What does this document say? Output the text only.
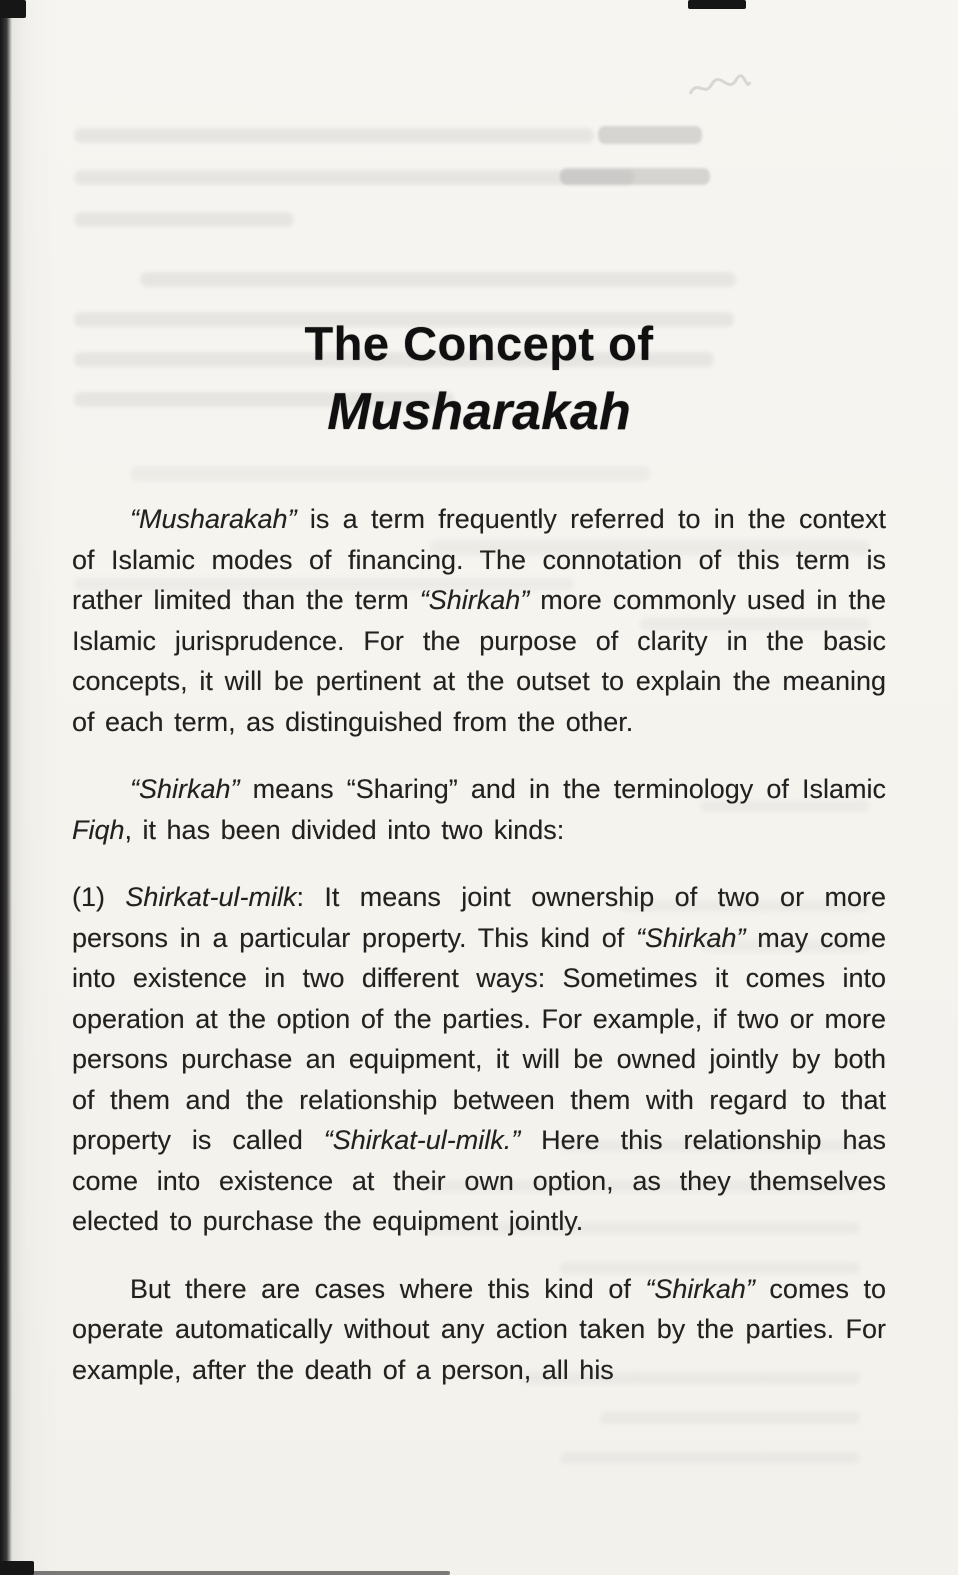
The Concept of
Musharakah

“Musharakah” is a term frequently referred to in the context of Islamic modes of financing. The connotation of this term is rather limited than the term “Shirkah” more commonly used in the Islamic jurisprudence. For the purpose of clarity in the basic concepts, it will be pertinent at the outset to explain the meaning of each term, as distinguished from the other.

“Shirkah” means “Sharing” and in the terminology of Islamic Fiqh, it has been divided into two kinds:

(1) Shirkat-ul-milk: It means joint ownership of two or more persons in a particular property. This kind of “Shirkah” may come into existence in two different ways: Sometimes it comes into operation at the option of the parties. For example, if two or more persons purchase an equipment, it will be owned jointly by both of them and the relationship between them with regard to that property is called “Shirkat-ul-milk.” Here this relationship has come into existence at their own option, as they themselves elected to purchase the equipment jointly.

But there are cases where this kind of “Shirkah” comes to operate automatically without any action taken by the parties. For example, after the death of a person, all his
